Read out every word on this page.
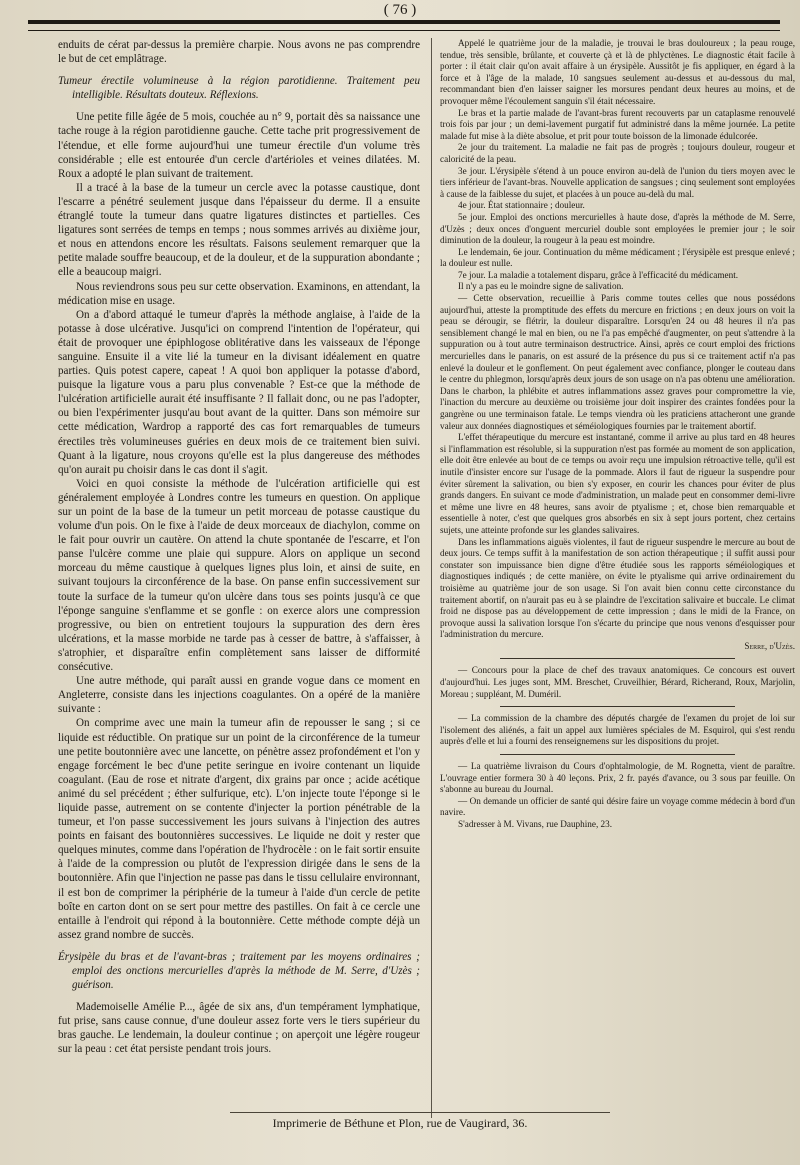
( 76 )

enduits de cérat par-dessus la première charpie. Nous avons ne pas comprendre le but de cet emplâtrage.

Tumeur érectile volumineuse à la région parotidienne. Traitement peu intelligible. Résultats douteux. Réflexions.

Une petite fille âgée de 5 mois, couchée au n° 9, portait dès sa naissance une tache rouge à la région parotidienne gauche. Cette tache prit progressivement de l'étendue, et elle forme aujourd'hui une tumeur érectile d'un volume très considérable ; elle est entourée d'un cercle d'artérioles et veines dilatées. M. Roux a adopté le plan suivant de traitement.

Il a tracé à la base de la tumeur un cercle avec la potasse caustique, dont l'escarre a pénétré seulement jusque dans l'épaisseur du derme. Il a ensuite étranglé toute la tumeur dans quatre ligatures distinctes et partielles. Ces ligatures sont serrées de temps en temps ; nous sommes arrivés au dixième jour, et nous en attendons encore les résultats. Faisons seulement remarquer que la petite malade souffre beaucoup, et de la douleur, et de la suppuration abondante ; elle a beaucoup maigri.

Nous reviendrons sous peu sur cette observation. Examinons, en attendant, la médication mise en usage.

On a d'abord attaqué le tumeur d'après la méthode anglaise, à l'aide de la potasse à dose ulcérative. Jusqu'ici on comprend l'intention de l'opérateur, qui était de provoquer une épiphlogose oblitérative dans les vaisseaux de l'éponge sanguine. Ensuite il a vite lié la tumeur en la divisant idéalement en quatre parties. Quis potest capere, capeat ! A quoi bon appliquer la potasse d'abord, puisque la ligature vous a paru plus convenable ? Est-ce que la méthode de l'ulcération artificielle aurait été insuffisante ? Il fallait donc, ou ne pas l'adopter, ou bien l'expérimenter jusqu'au bout avant de la quitter. Dans son mémoire sur cette médication, Wardrop a rapporté des cas fort remarquables de tumeurs érectiles très volumineuses guéries en deux mois de ce traitement bien suivi. Quant à la ligature, nous croyons qu'elle est la plus dangereuse des méthodes qu'on aurait pu choisir dans le cas dont il s'agit.

Voici en quoi consiste la méthode de l'ulcération artificielle qui est généralement employée à Londres contre les tumeurs en question. On applique sur un point de la base de la tumeur un petit morceau de potasse caustique du volume d'un pois. On le fixe à l'aide de deux morceaux de diachylon, comme on le fait pour ouvrir un cautère. On attend la chute spontanée de l'escarre, et l'on panse l'ulcère comme une plaie qui suppure. Alors on applique un second morceau du même caustique à quelques lignes plus loin, et ainsi de suite, en suivant toujours la circonférence de la base. On panse enfin successivement sur toute la surface de la tumeur qu'on ulcère dans tous ses points jusqu'à ce que l'éponge sanguine s'enflamme et se gonfle : on exerce alors une compression progressive, ou bien on entretient toujours la suppuration des dern ères ulcérations, et la masse morbide ne tarde pas à cesser de battre, à s'affaisser, à s'atrophier, et disparaître enfin complètement sans laisser de difformité consécutive.

Une autre méthode, qui paraît aussi en grande vogue dans ce moment en Angleterre, consiste dans les injections coagulantes. On a opéré de la manière suivante :

On comprime avec une main la tumeur afin de repousser le sang ; si ce liquide est réductible. On pratique sur un point de la circonférence de la tumeur une petite boutonnière avec une lancette, on pénètre assez profondément et l'on y engage forcément le bec d'une petite seringue en ivoire contenant un liquide coagulant. (Eau de rose et nitrate d'argent, dix grains par once ; acide acétique animé du sel précédent ; éther sulfurique, etc). L'on injecte toute l'éponge si le liquide passe, autrement on se contente d'injecter la portion pénétrable de la tumeur, et l'on passe successivement les jours suivans à l'injection des autres points en faisant des boutonnières successives. Le liquide ne doit y rester que quelques minutes, comme dans l'opération de l'hydrocèle : on le fait sortir ensuite à l'aide de la compression ou plutôt de l'expression dirigée dans le sens de la boutonnière. Afin que l'injection ne passe pas dans le tissu cellulaire environnant, il est bon de comprimer la périphérie de la tumeur à l'aide d'un cercle de petite boîte en carton dont on se sert pour mettre des pastilles. On fait à ce cercle une entaille à l'endroit qui répond à la boutonnière. Cette méthode compte déjà un assez grand nombre de succès.

Érysipèle du bras et de l'avant-bras ; traitement par les moyens ordinaires ; emploi des onctions mercurielles d'après la méthode de M. Serre, d'Uzès ; guérison.

Mademoiselle Amélie P..., âgée de six ans, d'un tempérament lymphatique, fut prise, sans cause connue, d'une douleur assez forte vers le tiers supérieur du bras gauche. Le lendemain, la douleur continue ; on aperçoit une légère rougeur sur la peau : cet état persiste pendant trois jours.

Appelé le quatrième jour de la maladie, je trouvai le bras douloureux ; la peau rouge, tendue, très sensible, brûlante, et couverte çà et là de phlyctènes. Le diagnostic était facile à porter : il était clair qu'on avait affaire à un érysipèle. Aussitôt je fis appliquer, en égard à la force et à l'âge de la malade, 10 sangsues seulement au-dessus et au-dessous du mal, recommandant bien d'en laisser saigner les morsures pendant deux heures au moins, et de provoquer même l'écoulement sanguin s'il était nécessaire.

Le bras et la partie malade de l'avant-bras furent recouverts par un cataplasme renouvelé trois fois par jour ; un demi-lavement purgatif fut administré dans la même journée. La petite malade fut mise à la diète absolue, et prit pour toute boisson de la limonade édulcorée.

2e jour du traitement. La maladie ne fait pas de progrès ; toujours douleur, rougeur et caloricité de la peau.

3e jour. L'érysipèle s'étend à un pouce environ au-delà de l'union du tiers moyen avec le tiers inférieur de l'avant-bras. Nouvelle application de sangsues ; cinq seulement sont employées à cause de la faiblesse du sujet, et placées à un pouce au-delà du mal.

4e jour. État stationnaire ; douleur.

5e jour. Emploi des onctions mercurielles à haute dose, d'après la méthode de M. Serre, d'Uzès ; deux onces d'onguent mercuriel double sont employées le premier jour ; le soir diminution de la douleur, la rougeur à la peau est moindre.

Le lendemain, 6e jour. Continuation du même médicament ; l'érysipèle est presque enlevé ; la douleur est nulle.

7e jour. La maladie a totalement disparu, grâce à l'efficacité du médicament.

Il n'y a pas eu le moindre signe de salivation.

— Cette observation, recueillie à Paris comme toutes celles que nous possédons aujourd'hui, atteste la promptitude des effets du mercure en frictions ; en deux jours on voit la peau se dérougir, se flétrir, la douleur disparaître. Lorsqu'en 24 ou 48 heures il n'a pas sensiblement changé le mal en bien, ou ne l'a pas empêché d'augmenter, on peut s'attendre à la suppuration ou à tout autre terminaison destructrice. Ainsi, après ce court emploi des frictions mercurielles dans le panaris, on est assuré de la présence du pus si ce traitement actif n'a pas enlevé la douleur et le gonflement. On peut également avec confiance, plonger le couteau dans le centre du phlegmon, lorsqu'après deux jours de son usage on n'a pas obtenu une amélioration. Dans le charbon, la phlébite et autres inflammations assez graves pour compromettre la vie, l'inaction du mercure au deuxième ou troisième jour doit inspirer des craintes fondées pour la gangrène ou une terminaison fatale. Le temps viendra où les praticiens attacheront une grande valeur aux données diagnostiques et séméiologiques fournies par le traitement abortif.

L'effet thérapeutique du mercure est instantané, comme il arrive au plus tard en 48 heures si l'inflammation est résoluble, si la suppuration n'est pas formée au moment de son application, elle doit être enlevée au bout de ce temps ou avoir reçu une impulsion rétroactive telle, qu'il est inutile d'insister encore sur l'usage de la pommade. Alors il faut de rigueur la suspendre pour éviter sûrement la salivation, ou bien s'y exposer, en courir les chances pour éviter de plus grands dangers. En suivant ce mode d'administration, un malade peut en consommer demi-livre et même une livre en 48 heures, sans avoir de ptyalisme ; et, chose bien remarquable et essentielle à noter, c'est que quelques gros absorbés en six à sept jours portent, chez certains sujets, une atteinte profonde sur les glandes salivaires.

Dans les inflammations aiguës violentes, il faut de rigueur suspendre le mercure au bout de deux jours. Ce temps suffit à la manifestation de son action thérapeutique ; il suffit aussi pour constater son impuissance bien digne d'être étudiée sous les rapports séméiologiques et diagnostiques indiqués ; de cette manière, on évite le ptyalisme qui arrive ordinairement du troisième au quatrième jour de son usage. Si l'on avait bien connu cette circonstance du traitement abortif, on n'aurait pas eu à se plaindre de l'excitation salivaire et buccale. Le climat froid ne dispose pas au développement de cette impression ; dans le midi de la France, on provoque aussi la salivation lorsque l'on s'écarte du principe que nous venons d'esquisser pour l'administration du mercure.

Serre, d'Uzès.

— Concours pour la place de chef des travaux anatomiques. Ce concours est ouvert d'aujourd'hui. Les juges sont, MM. Breschet, Cruveilhier, Bérard, Richerand, Roux, Marjolin, Moreau ; suppléant, M. Duméril.

— La commission de la chambre des députés chargée de l'examen du projet de loi sur l'isolement des aliénés, a fait un appel aux lumières spéciales de M. Esquirol, qui s'est rendu auprès d'elle et lui a fourni des renseignemens sur les dispositions du projet.

— La quatrième livraison du Cours d'ophtalmologie, de M. Rognetta, vient de paraître. L'ouvrage entier formera 30 à 40 leçons. Prix, 2 fr. payés d'avance, ou 3 sous par feuille. On s'abonne au bureau du Journal.

— On demande un officier de santé qui désire faire un voyage comme médecin à bord d'un navire.

S'adresser à M. Vivans, rue Dauphine, 23.

Imprimerie de Béthune et Plon, rue de Vaugirard, 36.
